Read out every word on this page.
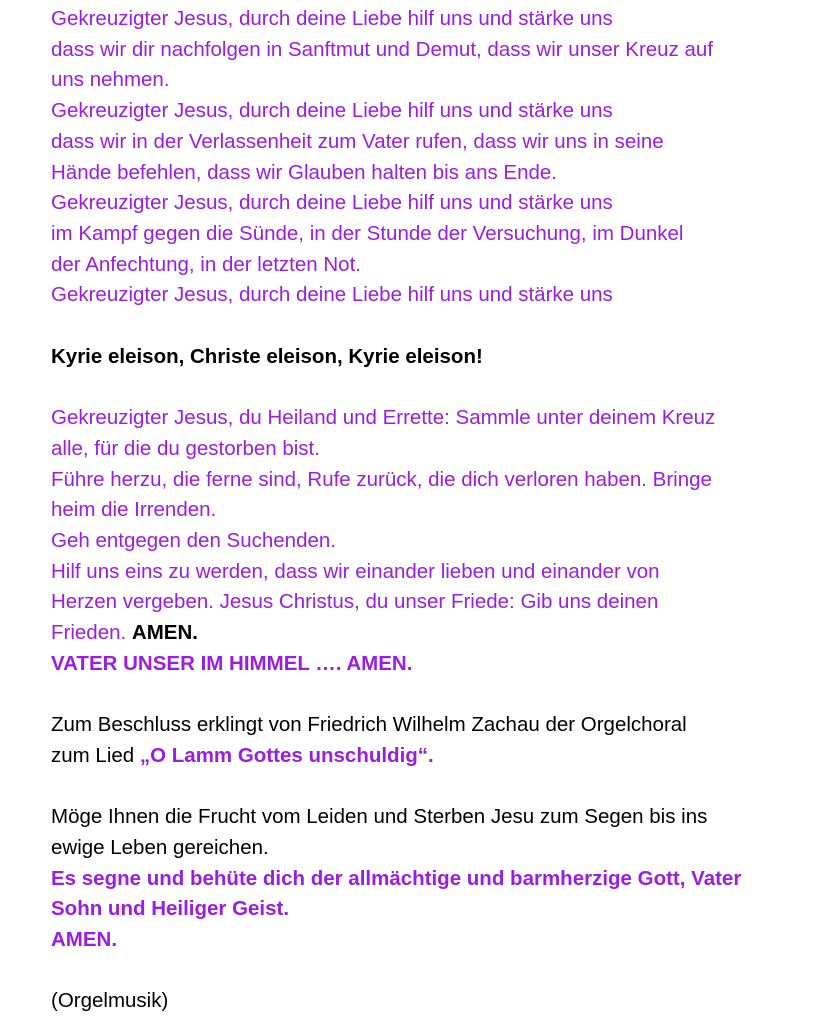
Gekreuzigter Jesus, durch deine Liebe hilf uns und stärke uns
dass wir dir nachfolgen in Sanftmut und Demut, dass wir unser Kreuz auf
uns nehmen.
Gekreuzigter Jesus, durch deine Liebe hilf uns und stärke uns
dass wir in der Verlassenheit zum Vater rufen, dass wir uns in seine
Hände befehlen, dass wir Glauben halten bis ans Ende.
Gekreuzigter Jesus, durch deine Liebe hilf uns und stärke uns
im Kampf gegen die Sünde, in der Stunde der Versuchung, im Dunkel
der Anfechtung, in der letzten Not.
Gekreuzigter Jesus, durch deine Liebe hilf uns und stärke uns
Kyrie eleison, Christe eleison, Kyrie eleison!
Gekreuzigter Jesus, du Heiland und Errette: Sammle unter deinem Kreuz
alle, für die du gestorben bist.
Führe herzu, die ferne sind, Rufe zurück, die dich verloren haben. Bringe
heim die Irrenden.
Geh entgegen den Suchenden.
Hilf uns eins zu werden, dass wir einander lieben und einander von
Herzen vergeben. Jesus Christus, du unser Friede: Gib uns deinen
Frieden. AMEN.
VATER UNSER IM HIMMEL …. AMEN.
Zum Beschluss erklingt von Friedrich Wilhelm Zachau der Orgelchoral
zum Lied „O Lamm Gottes unschuldig“.
Möge Ihnen die Frucht vom Leiden und Sterben Jesu zum Segen bis ins
ewige Leben gereichen.
Es segne und behüte dich der allmächtige und barmherzige Gott, Vater
Sohn und Heiliger Geist.
AMEN.
(Orgelmusik)
